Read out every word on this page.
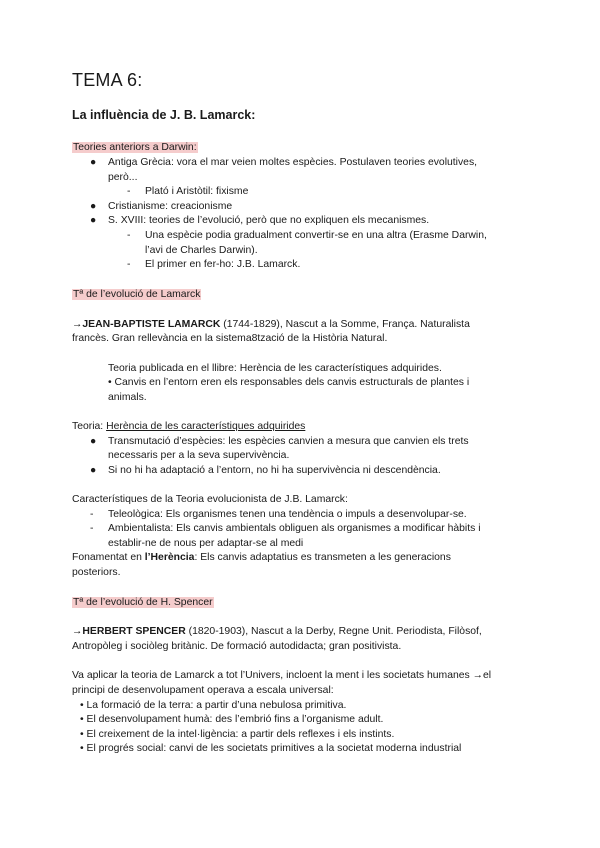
TEMA 6:
La influència de J. B. Lamarck:
Teories anteriors a Darwin:
● Antiga Grècia: vora el mar veien moltes espècies. Postulaven teories evolutives,
però...
- Plató i Aristòtil: fixisme
● Cristianisme: creacionisme
● S. XVIII: teories de l’evolució, però que no expliquen els mecanismes.
- Una espècie podia gradualment convertir-se en una altra (Erasme Darwin,
l’avi de Charles Darwin).
- El primer en fer-ho: J.B. Lamarck.
Tª de l’evolució de Lamarck
→JEAN-BAPTISTE LAMARCK (1744-1829), Nascut a la Somme, França. Naturalista
francès. Gran rellevància en la sistema8tzació de la Història Natural.
Teoria publicada en el llibre: Herència de les característiques adquirides.
• Canvis en l’entorn eren els responsables dels canvis estructurals de plantes i
animals.
Teoria: Herència de les característiques adquirides
● Transmutació d’espècies: les espècies canvien a mesura que canvien els trets
necessaris per a la seva supervivència.
● Si no hi ha adaptació a l’entorn, no hi ha supervivència ni descendència.
Característiques de la Teoria evolucionista de J.B. Lamarck:
- Teleològica: Els organismes tenen una tendència o impuls a desenvolupar-se.
- Ambientalista: Els canvis ambientals obliguen als organismes a modificar hàbits i
establir-ne de nous per adaptar-se al medi
Fonamentat en l’Herència: Els canvis adaptatius es transmeten a les generacions
posteriors.
Tª de l’evolució de H. Spencer
→HERBERT SPENCER (1820-1903), Nascut a la Derby, Regne Unit. Periodista, Filòsof,
Antropòleg i sociòleg britànic. De formació autodidacta; gran positivista.
Va aplicar la teoria de Lamarck a tot l’Univers, incloent la ment i les societats humanes →el
principi de desenvolupament operava a escala universal:
• La formació de la terra: a partir d’una nebulosa primitiva.
• El desenvolupament humà: des l’embrió fins a l’organisme adult.
• El creixement de la intel·ligència: a partir dels reflexes i els instints.
• El progrés social: canvi de les societats primitives a la societat moderna industrial
